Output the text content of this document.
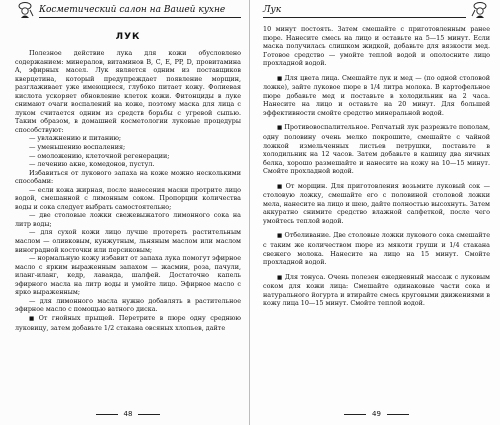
Косметический салон на Вашей кухне
ЛУК

Полезное действие лука для кожи обусловлено содержанием: минералов, витаминов B, C, E, PP, D, провитамина A, эфирных масел. Лук является одним из поставщиков кверцетина, который предупреждает появление морщин, разглаживает уже имеющиеся, глубоко питает кожу. Фолиевая кислота ускоряет обновление клеток кожи. Фитонциды в луке снимают очаги воспалений на коже, поэтому маска для лица с луком считается одним из средств борьбы с угревой сыпью. Таким образом, в домашней косметологии луковые процедуры способствуют:

— увлажнению и питанию;

— уменьшению воспаления;

— омоложению, клеточной регенерации;

— лечению акне, комедонов, пустул.

Избавиться от лукового запаха на коже можно несколькими способами:

— если кожа жирная, после нанесения маски протрите лицо водой, смешанной с лимонным соком. Пропорции количества воды и сока следует выбрать самостоятельно;

— две столовые ложки свежевыжатого лимонного сока на литр воды;

— для сухой кожи лицо лучше протереть растительным маслом — оливковым, кунжутным, льняным маслом или маслом виноградной косточки или персиковым;

— нормальную кожу избавит от запаха лука помогут эфирное масло с ярким выраженным запахом — жасмин, роза, пачули, иланг-иланг, кедр, лаванда, шалфей. Достаточно капель эфирного масла на литр воды и умойте лицо. Эфирное масло с ярко выраженным;

— для лимонного масла нужно добавлять в растительное эфирное масло с помощью ватного диска.

■ От гнойных прыщей. Перетрите в пюре одну среднюю луковицу, затем добавьте 1/2 стакана овсяных хлопьев, дайте

48
Лук

10 минут постоять. Затем смешайте с приготовленным ранее пюре. Нанесите смесь на лицо и оставьте на 5—15 минут. Если маска получилась слишком жидкой, добавьте для вязкости мед. Готовое средство — умойте теплой водой и ополосните лицо прохладной водой.

■ Для цвета лица. Смешайте лук и мед — (по одной столовой ложке), зайте луковое пюре в 1/4 литра молока. В картофельное пюре добавьте мед и поставьте в холодильник на 2 часа. Нанесите на лицо и оставьте на 20 минут. Для большей эффективности смойте средство минеральной водой.

■ Противовоспалительное. Репчатый лук разрежьте пополам, одну половину очень мелко покрошите, смешайте с чайной ложкой измельченных листьев петрушки, поставьте в холодильник на 12 часов. Затем добавьте в кашицу два яичных белка, хорошо размешайте и нанесите на кожу на 10—15 минут. Смойте прохладной водой.

■ От морщин. Для приготовления возьмите луковый сок — столовую ложку, смешайте его с половиной столовой ложки мела, нанесите на лицо и шею, дайте полностью высохнуть. Затем аккуратно снимите средство влажной салфеткой, после чего умойтесь теплой водой.

■ Отбеливание. Две столовые ложки лукового сока смешайте с таким же количеством пюре из мякоти груши и 1/4 стакана свежего молока. Нанесите на лицо на 15 минут. Смойте прохладной водой.

■ Для тонуса. Очень полезен ежедневный массаж с луковым соком для кожи лица: Смешайте одинаковые части сока и натурального йогурта и втирайте смесь круговыми движениями в кожу лица 10—15 минут. Смойте теплой водой.

49
